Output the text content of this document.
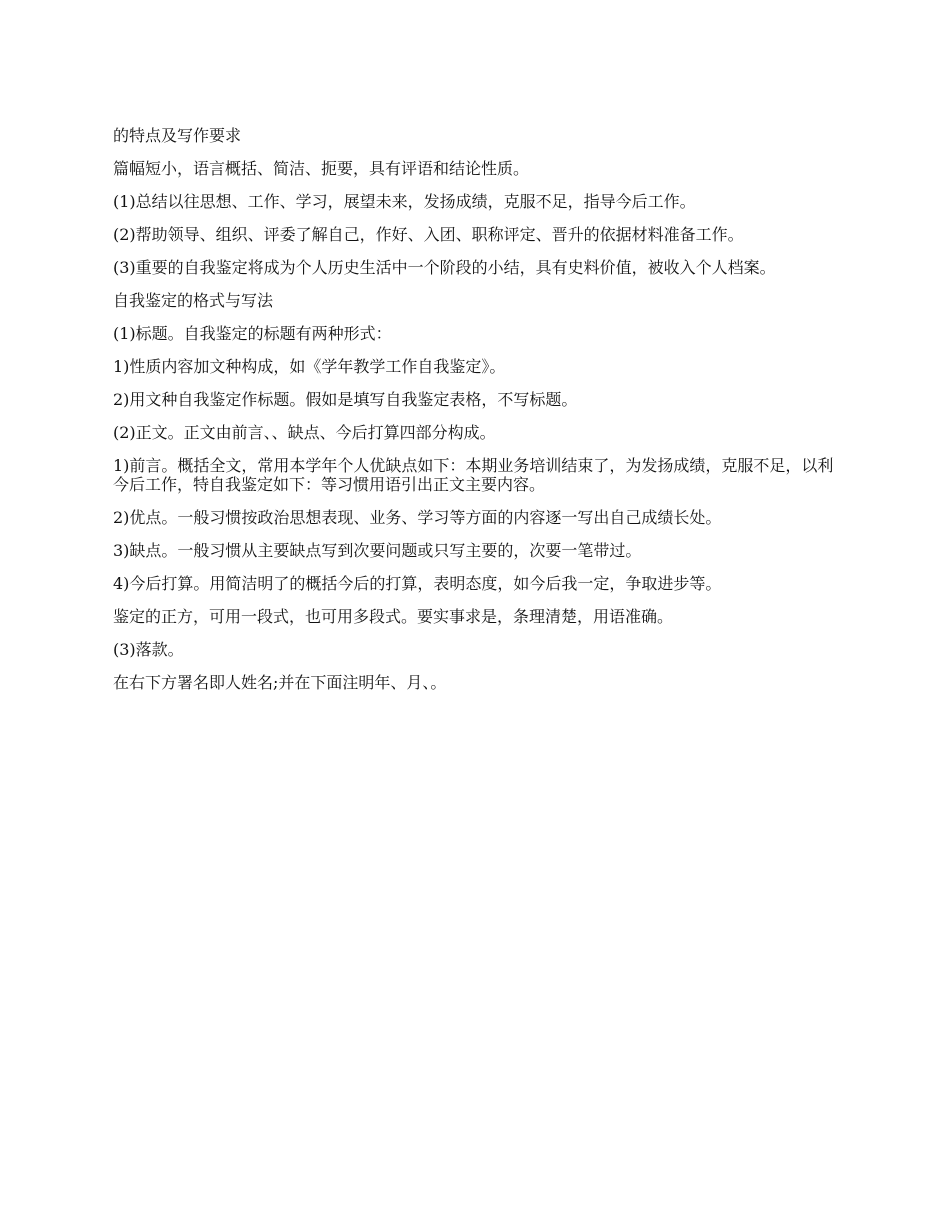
的特点及写作要求

篇幅短小，语言概括、简洁、扼要，具有评语和结论性质。

(1)总结以往思想、工作、学习，展望未来，发扬成绩，克服不足，指导今后工作。

(2)帮助领导、组织、评委了解自己，作好、入团、职称评定、晋升的依据材料准备工作。

(3)重要的自我鉴定将成为个人历史生活中一个阶段的小结，具有史料价值，被收入个人档案。

自我鉴定的格式与写法

(1)标题。自我鉴定的标题有两种形式：

1)性质内容加文种构成，如《学年教学工作自我鉴定》。

2)用文种自我鉴定作标题。假如是填写自我鉴定表格，不写标题。

(2)正文。正文由前言、、缺点、今后打算四部分构成。

1)前言。概括全文，常用本学年个人优缺点如下：本期业务培训结束了，为发扬成绩，克服不足，以利今后工作，特自我鉴定如下：等习惯用语引出正文主要内容。

2)优点。一般习惯按政治思想表现、业务、学习等方面的内容逐一写出自己成绩长处。

3)缺点。一般习惯从主要缺点写到次要问题或只写主要的，次要一笔带过。

4)今后打算。用简洁明了的概括今后的打算，表明态度，如今后我一定，争取进步等。

鉴定的正方，可用一段式，也可用多段式。要实事求是，条理清楚，用语准确。

(3)落款。

在右下方署名即人姓名;并在下面注明年、月、。
